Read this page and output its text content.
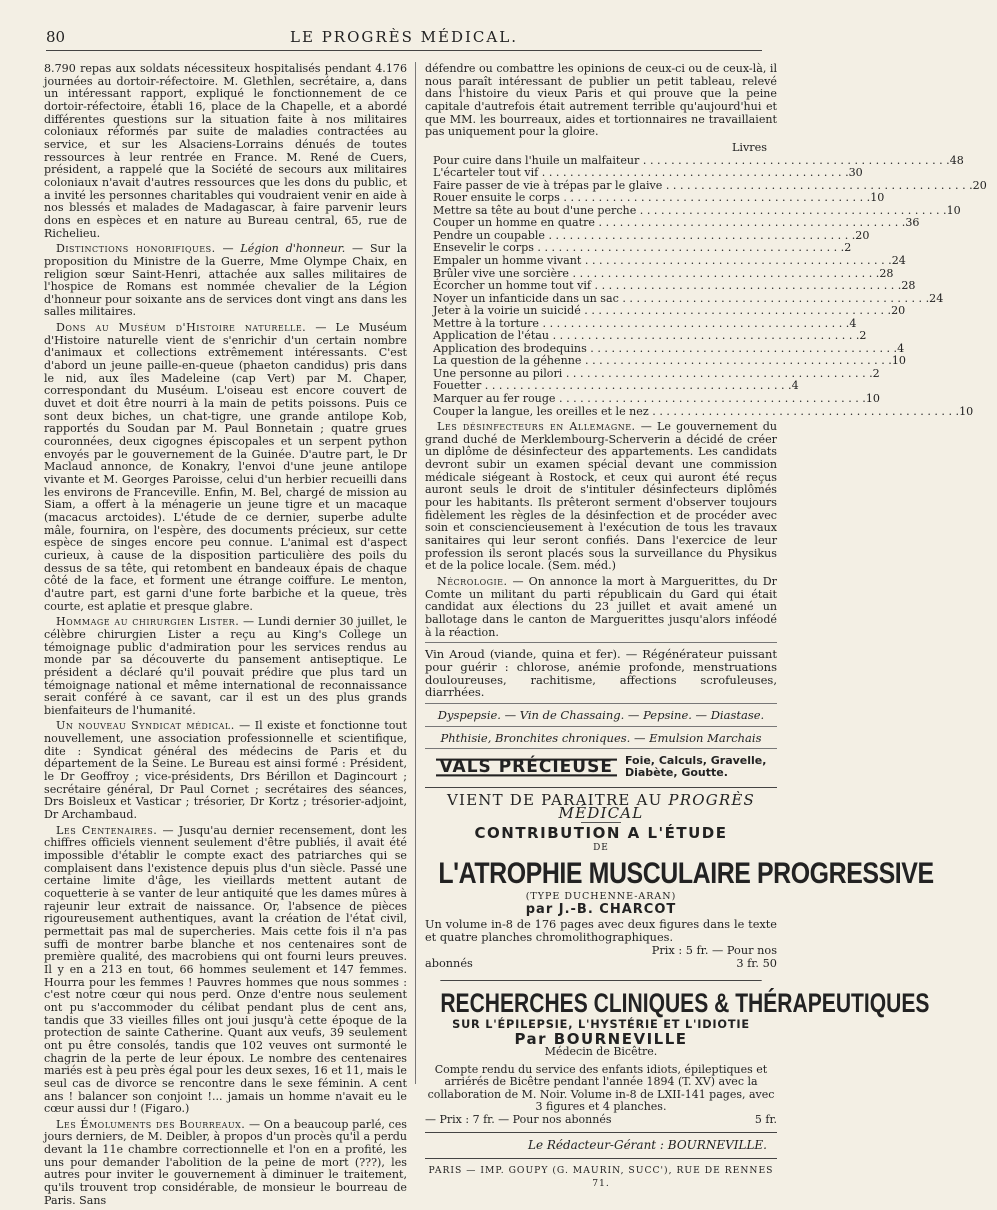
80	LE PROGRÈS MÉDICAL.

8.790 repas aux soldats nécessiteux hospitalisés pendant 4.176 journées au dortoir-réfectoire. M. Glethlen, secrétaire, a, dans un intéressant rapport, expliqué le fonctionnement de ce dortoir-réfectoire, établi 16, place de la Chapelle, et a abordé différentes questions sur la situation faite à nos militaires coloniaux réformés par suite de maladies contractées au service, et sur les Alsaciens-Lorrains dénués de toutes ressources à leur rentrée en France. M. René de Cuers, président, a rappelé que la Société de secours aux militaires coloniaux n'avait d'autres ressources que les dons du public, et a invité les personnes charitables qui voudraient venir en aide à nos blessés et malades de Madagascar, à faire parvenir leurs dons en espèces et en nature au Bureau central, 65, rue de Richelieu.

Distinctions honorifiques. — Légion d'honneur. — Sur la proposition du Ministre de la Guerre, Mme Olympe Chaix, en religion sœur Saint-Henri, attachée aux salles militaires de l'hospice de Romans est nommée chevalier de la Légion d'honneur pour soixante ans de services dont vingt ans dans les salles militaires.

Dons au Muséum d'Histoire naturelle. — Le Muséum d'Histoire naturelle vient de s'enrichir d'un certain nombre d'animaux et collections extrêmement intéressants. C'est d'abord un jeune paille-en-queue (phaeton candidus) pris dans le nid, aux îles Madeleine (cap Vert) par M. Chaper, correspondant du Muséum. L'oiseau est encore couvert de duvet et doit être nourri à la main de petits poissons. Puis ce sont deux biches, un chat-tigre, une grande antilope Kob, rapportés du Soudan par M. Paul Bonnetain ; quatre grues couronnées, deux cigognes épiscopales et un serpent python envoyés par le gouvernement de la Guinée. D'autre part, le Dr Maclaud annonce, de Konakry, l'envoi d'une jeune antilope vivante et M. Georges Paroisse, celui d'un herbier recueilli dans les environs de Franceville. Enfin, M. Bel, chargé de mission au Siam, a offert à la ménagerie un jeune tigre et un macaque (macacus arctoides). L'étude de ce dernier, superbe adulte mâle, fournira, on l'espère, des documents précieux, sur cette espèce de singes encore peu connue. L'animal est d'aspect curieux, à cause de la disposition particulière des poils du dessus de sa tête, qui retombent en bandeaux épais de chaque côté de la face, et forment une étrange coiffure. Le menton, d'autre part, est garni d'une forte barbiche et la queue, très courte, est aplatie et presque glabre.

Hommage au chirurgien Lister. — Lundi dernier 30 juillet, le célèbre chirurgien Lister a reçu au King's College un témoignage public d'admiration pour les services rendus au monde par sa découverte du pansement antiseptique. Le président a déclaré qu'il pouvait prédire que plus tard un témoignage national et même international de reconnaissance serait conféré à ce savant, car il est un des plus grands bienfaiteurs de l'humanité.

Un nouveau Syndicat médical. — Il existe et fonctionne tout nouvellement, une association professionnelle et scientifique, dite : Syndicat général des médecins de Paris et du département de la Seine. Le Bureau est ainsi formé : Président, le Dr Geoffroy ; vice-présidents, Drs Bérillon et Dagincourt ; secrétaire général, Dr Paul Cornet ; secrétaires des séances, Drs Boisleux et Vasticar ; trésorier, Dr Kortz ; trésorier-adjoint, Dr Archambaud.

Les Centenaires. — Jusqu'au dernier recensement, dont les chiffres officiels viennent seulement d'être publiés, il avait été impossible d'établir le compte exact des patriarches qui se complaisent dans l'existence depuis plus d'un siècle. Passé une certaine limite d'âge, les vieillards mettent autant de coquetterie à se vanter de leur antiquité que les dames mûres à rajeunir leur extrait de naissance. Or, l'absence de pièces rigoureusement authentiques, avant la création de l'état civil, permettait pas mal de supercheries. Mais cette fois il n'a pas suffi de montrer barbe blanche et nos centenaires sont de première qualité, des macrobiens qui ont fourni leurs preuves. Il y en a 213 en tout, 66 hommes seulement et 147 femmes. Hourra pour les femmes ! Pauvres hommes que nous sommes : c'est notre cœur qui nous perd. Onze d'entre nous seulement ont pu s'accommoder du célibat pendant plus de cent ans, tandis que 33 vieilles filles ont joui jusqu'à cette époque de la protection de sainte Catherine. Quant aux veufs, 39 seulement ont pu être consolés, tandis que 102 veuves ont surmonté le chagrin de la perte de leur époux. Le nombre des centenaires mariés est à peu près égal pour les deux sexes, 16 et 11, mais le seul cas de divorce se rencontre dans le sexe féminin. A cent ans ! balancer son conjoint !... jamais un homme n'avait eu le cœur aussi dur ! (Figaro.)

Les Émoluments des Bourreaux. — On a beaucoup parlé, ces jours derniers, de M. Deibler, à propos d'un procès qu'il a perdu devant la 11e chambre correctionnelle et l'on en a profité, les uns pour demander l'abolition de la peine de mort (???), les autres pour inviter le gouvernement à diminuer le traitement, qu'ils trouvent trop considérable, de monsieur le bourreau de Paris. Sans

défendre ou combattre les opinions de ceux-ci ou de ceux-là, il nous paraît intéressant de publier un petit tableau, relevé dans l'histoire du vieux Paris et qui prouve que la peine capitale d'autrefois était autrement terrible qu'aujourd'hui et que MM. les bourreaux, aides et tortionnaires ne travaillaient pas uniquement pour la gloire.

Livres
Pour cuire dans l'huile un malfaiteur . . .	48
L'écarteler tout vif . . .	30
Faire passer de vie à trépas par le glaive . . .	20
Rouer ensuite le corps . . .	10
Mettre sa tête au bout d'une perche . . .	10
Couper un homme en quatre . . .	36
Pendre un coupable . . .	20
Ensevelir le corps . . .	2
Empaler un homme vivant . . .	24
Brûler vive une sorcière . . .	28
Écorcher un homme tout vif . . .	28
Noyer un infanticide dans un sac . . .	24
Jeter à la voirie un suicidé . . .	20
Mettre à la torture . . .	4
Application de l'étau . . .	2
Application des brodequins . . .	4
La question de la géhenne . . .	10
Une personne au pilori . . .	2
Fouetter . . .	4
Marquer au fer rouge . . .	10
Couper la langue, les oreilles et le nez . . .	10

Les désinfecteurs en Allemagne. — Le gouvernement du grand duché de Merklembourg-Scherverin a décidé de créer un diplôme de désinfecteur des appartements. Les candidats devront subir un examen spécial devant une commission médicale siégeant à Rostock, et ceux qui auront été reçus auront seuls le droit de s'intituler désinfecteurs diplômés pour les habitants. Ils prêteront serment d'observer toujours fidèlement les règles de la désinfection et de procéder avec soin et consciencieusement à l'exécution de tous les travaux sanitaires qui leur seront confiés. Dans l'exercice de leur profession ils seront placés sous la surveillance du Physikus et de la police locale. (Sem. méd.)

Nécrologie. — On annonce la mort à Marguerittes, du Dr Comte un militant du parti républicain du Gard qui était candidat aux élections du 23 juillet et avait amené un ballotage dans le canton de Marguerittes jusqu'alors inféodé à la réaction.

Vin Aroud (viande, quina et fer). — Régénérateur puissant pour guérir : chlorose, anémie profonde, menstruations douloureuses, rachitisme, affections scrofuleuses, diarrhées.
Dyspepsie. — Vin de Chassaing. — Pepsine. — Diastase.
Phthisie, Bronchites chroniques. — Emulsion Marchais
VALS PRÉCIEUSE	Foie, Calculs, Gravelle,
Diabète, Goutte.
VIENT DE PARAITRE AU PROGRÈS MÉDICAL
CONTRIBUTION A L'ÉTUDE
DE
L'ATROPHIE MUSCULAIRE PROGRESSIVE
(TYPE DUCHENNE-ARAN)
par J.-B. CHARCOT
Un volume in-8 de 176 pages avec deux figures dans le texte et quatre planches chromolithographiques.
Prix : 5 fr. — Pour nos
abonnés	3 fr. 50
RECHERCHES CLINIQUES & THÉRAPEUTIQUES
SUR L'ÉPILEPSIE, L'HYSTÉRIE ET L'IDIOTIE
Par BOURNEVILLE
Médecin de Bicêtre.
Compte rendu du service des enfants idiots, épileptiques et arriérés de Bicêtre pendant l'année 1894 (T. XV) avec la collaboration de M. Noir. Volume in-8 de LXII-141 pages, avec 3 figures et 4 planches.
— Prix : 7 fr. — Pour nos abonnés	5 fr.
Le Rédacteur-Gérant : BOURNEVILLE.
PARIS — IMP. GOUPY (G. MAURIN, SUCC'), RUE DE RENNES 71.
